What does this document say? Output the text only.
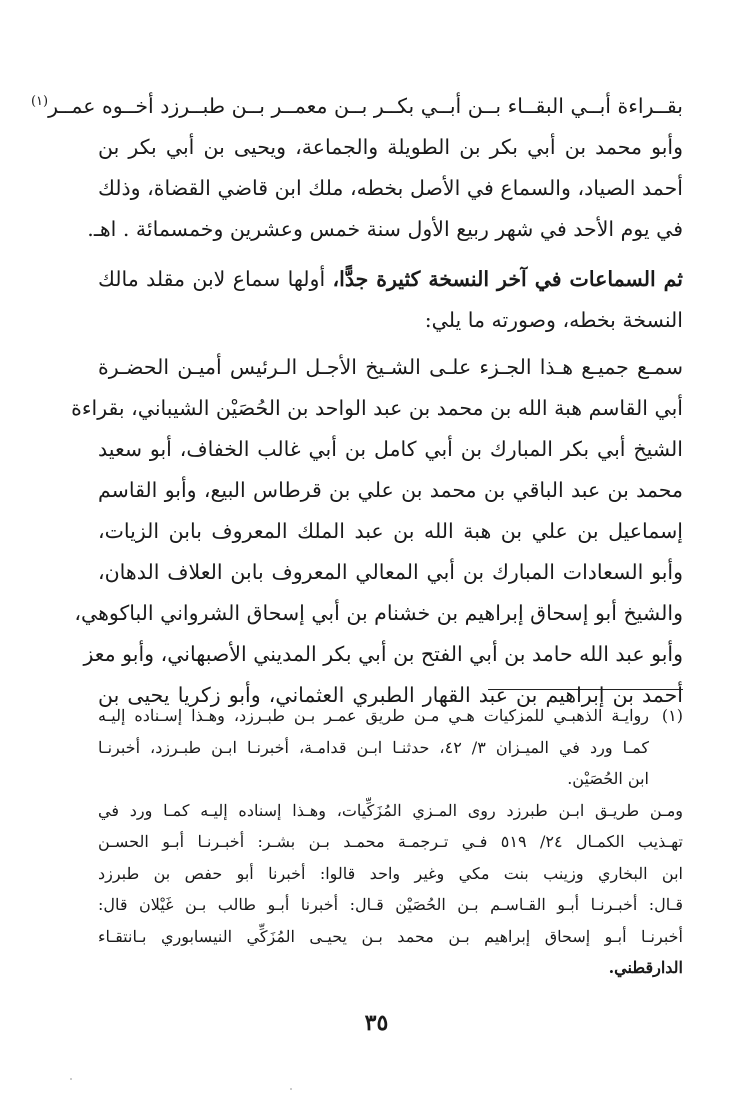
بقــراءة أبــي البقــاء بــن أبــي بكــر بــن معمــر بــن طبــرزد أخــوه عمــر$^{(١)}$
وأبو محمد بن أبي بكر بن الطويلة والجماعة، ويحيى بن أبي بكر بن
أحمد الصياد، والسماع في الأصل بخطه، ملك ابن قاضي القضاة، وذلك
في يوم الأحد في شهر ربيع الأول سنة خمس وعشرين وخمسمائة . اهـ.
ثم السماعات في آخر النسخة كثيرة جدًّا، أولها سماع لابن مقلد مالك
النسخة بخطه، وصورته ما يلي:
سمـع جميـع هـذا الجـزء علـى الشـيخ الأجـل الـرئيس أميـن الحضـرة
أبي القاسم هبة الله بن محمد بن عبد الواحد بن الحُصَيْن الشيباني، بقراءة
الشيخ أبي بكر المبارك بن أبي كامل بن أبي غالب الخفاف، أبو سعيد
محمد بن عبد الباقي بن محمد بن علي بن قرطاس البيع، وأبو القاسم
إسماعيل بن علي بن هبة الله بن عبد الملك المعروف بابن الزيات،
وأبو السعادات المبارك بن أبي المعالي المعروف بابن العلاف الدهان،
والشيخ أبو إسحاق إبراهيم بن خشنام بن أبي إسحاق الشرواني الباكوهي،
وأبو عبد الله حامد بن أبي الفتح بن أبي بكر المديني الأصبهاني، وأبو معز
أحمد بن إبراهيم بن عبد القهار الطبري العثماني، وأبو زكريا يحيى بن
(١)
روايـة الذهبـي للمزكيات هـي مـن طريق عمـر بـن طبـرزد، وهـذا إسـناده إليـه
كمـا ورد في الميـزان ٣/ ٤٢، حدثنـا ابـن قدامـة، أخبرنـا ابـن طبـرزد، أخبرنـا
ابن الحُصَيْن.
ومـن طريـق ابـن طبرزد روى المـزي المُزَكِّيات، وهـذا إسناده إليـه كمـا ورد في
تهـذيب الكمـال ٢٤/ ٥١٩ فـي تـرجمـة محمـد بـن بشـر: أخبـرنـا أبـو الحسـن
ابن البخاري وزينب بنت مكي وغير واحد قالوا: أخبرنا أبو حفص بن طبرزد
قـال: أخبـرنـا أبـو القـاسـم بـن الحُصَيْن قـال: أخبرنا أبـو طالب بـن غَيْلان قال:
أخبرنـا أبـو إسحاق إبراهيم بـن محمد بـن يحيـى المُزَكِّي النيسابوري بـانتقـاء
الدارقطني.
٣٥
